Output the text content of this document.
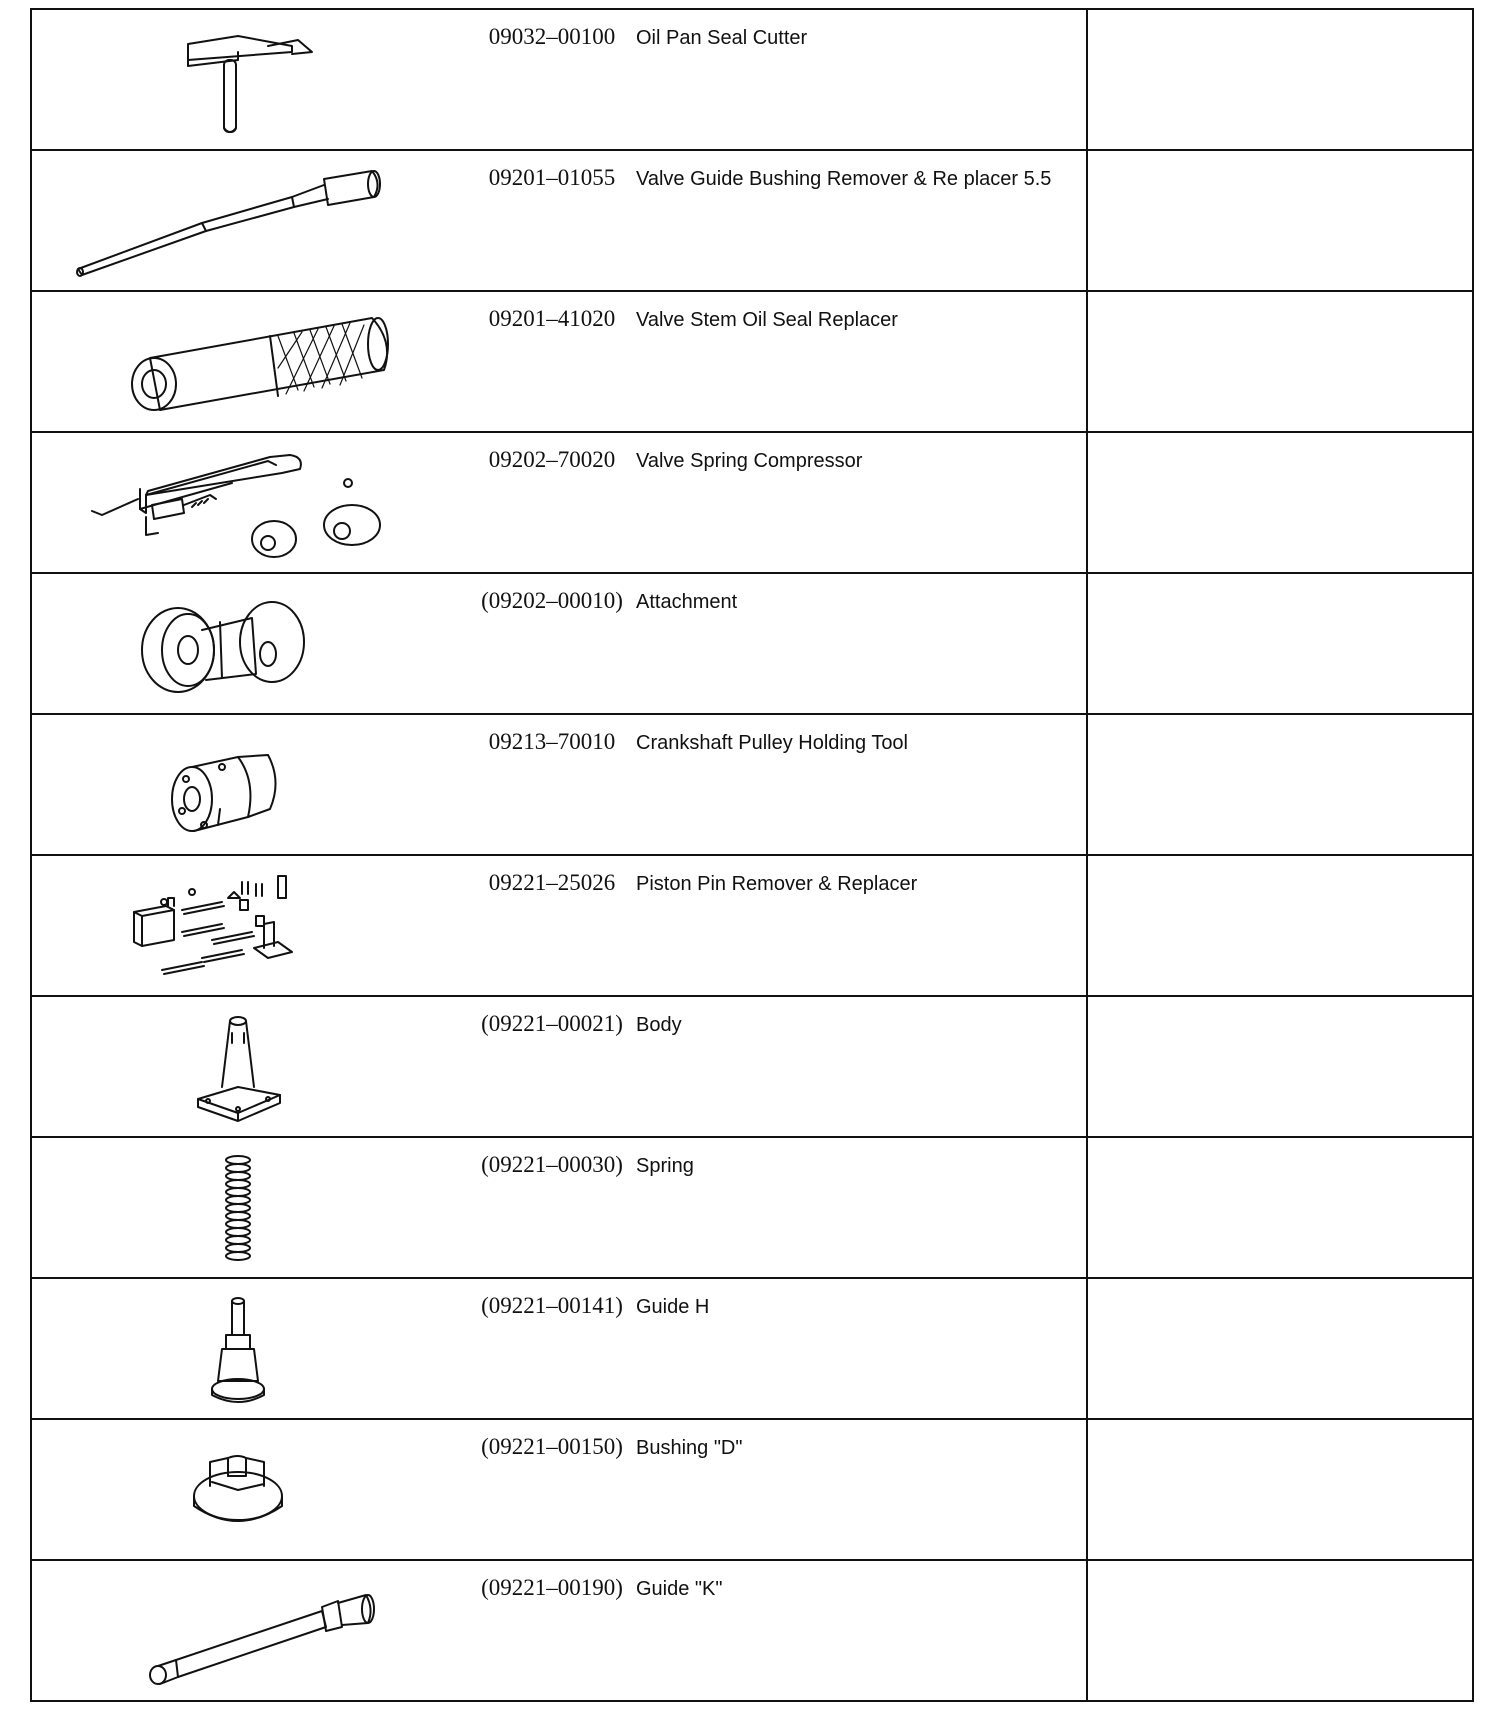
09032–00100 Oil Pan Seal Cutter	

09201–01055 Valve Guide Bushing Remover & Re placer 5.5	

09201–41020 Valve Stem Oil Seal Replacer	

09202–70020 Valve Spring Compressor	

(09202–00010) Attachment	

09213–70010 Crankshaft Pulley Holding Tool	

09221–25026 Piston Pin Remover & Replacer	

(09221–00021) Body	

(09221–00030) Spring	

(09221–00141) Guide H	

(09221–00150) Bushing "D"	

(09221–00190) Guide "K"	
